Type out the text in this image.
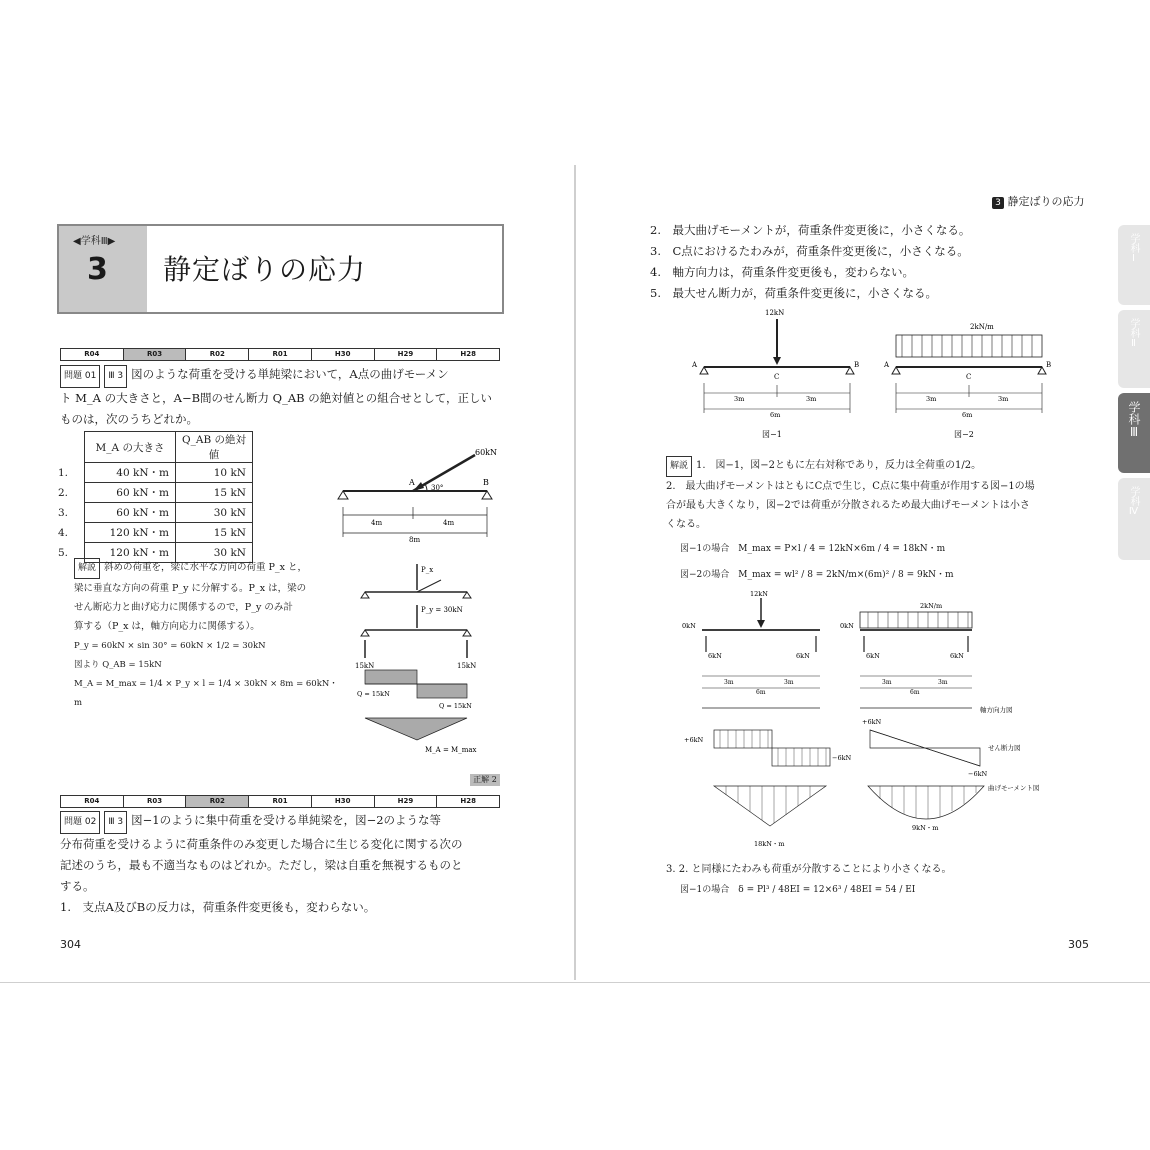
◀学科Ⅲ▶
3 静定ばりの応力
R04	R03	R02	R01	H30	H29	H28
問題 01 Ⅲ 3 図のような荷重を受ける単純梁において，A点の曲げモーメン
ト M_A の大きさと，A−B間のせん断力 Q_AB の絶対値との組合せとして，正しい
ものは，次のうちどれか。
	M_A の大きさ	Q_AB の絶対値
1.	40 kN・m	10 kN
2.	60 kN・m	15 kN
3.	60 kN・m	30 kN
4.	120 kN・m	15 kN
5.	120 kN・m	30 kN
60kN
30°
A	B
4m	4m
8m
解説 斜めの荷重を，梁に水平な方向の荷重 P_x と，
梁に垂直な方向の荷重 P_y に分解する。P_x は，梁の
せん断応力と曲げ応力に関係するので，P_y のみ計
算する（P_x は，軸方向応力に関係する）。
P_y = 60kN × sin 30° = 60kN × 1/2 = 30kN
図より Q_AB = 15kN
M_A = M_max = 1/4 × P_y × l = 1/4 × 30kN × 8m = 60kN・m
P_x
P_y = 30kN
15kN	15kN
Q = 15kN
Q = 15kN
M_A = M_max
正解 2
R04	R03	R02	R01	H30	H29	H28
問題 02 Ⅲ 3 図−1のように集中荷重を受ける単純梁を，図−2のような等
分布荷重を受けるように荷重条件のみ変更した場合に生じる変化に関する次の
記述のうち，最も不適当なものはどれか。ただし，梁は自重を無視するものと
する。
1.　支点A及びBの反力は，荷重条件変更後も，変わらない。
304
3 静定ばりの応力
2.　最大曲げモーメントが，荷重条件変更後に，小さくなる。
3.　C点におけるたわみが，荷重条件変更後に，小さくなる。
4.　軸方向力は，荷重条件変更後も，変わらない。
5.　最大せん断力が，荷重条件変更後に，小さくなる。
12kN
A	B
C
3m	3m
6m
図−1
2kN/m
A	B
C
3m	3m
6m
図−2
解説 1.　図−1，図−2ともに左右対称であり，反力は全荷重の1/2。
2.　最大曲げモーメントはともにC点で生じ，C点に集中荷重が作用する図−1の場
合が最も大きくなり，図−2では荷重が分散されるため最大曲げモーメントは小さ
くなる。
図−1の場合　 M_max = P×l / 4 = 12kN×6m / 4 = 18kN・m
図−2の場合　 M_max = wl² / 8 = 2kN/m×(6m)² / 8 = 9kN・m
12kN
0kN
6kN	6kN
3m	3m
6m
2kN/m
0kN
6kN	6kN
3m	3m
6m
軸方向力図
+6kN
−6kN
+6kN
−6kN
せん断力図
18kN・m
9kN・m
曲げモーメント図
3. 2. と同様にたわみも荷重が分散することにより小さくなる。
図−1の場合　 δ = Pl³ / 48EI = 12×6³ / 48EI = 54 / EI
305
学科Ⅰ
学科Ⅱ
学科Ⅲ
学科Ⅳ
